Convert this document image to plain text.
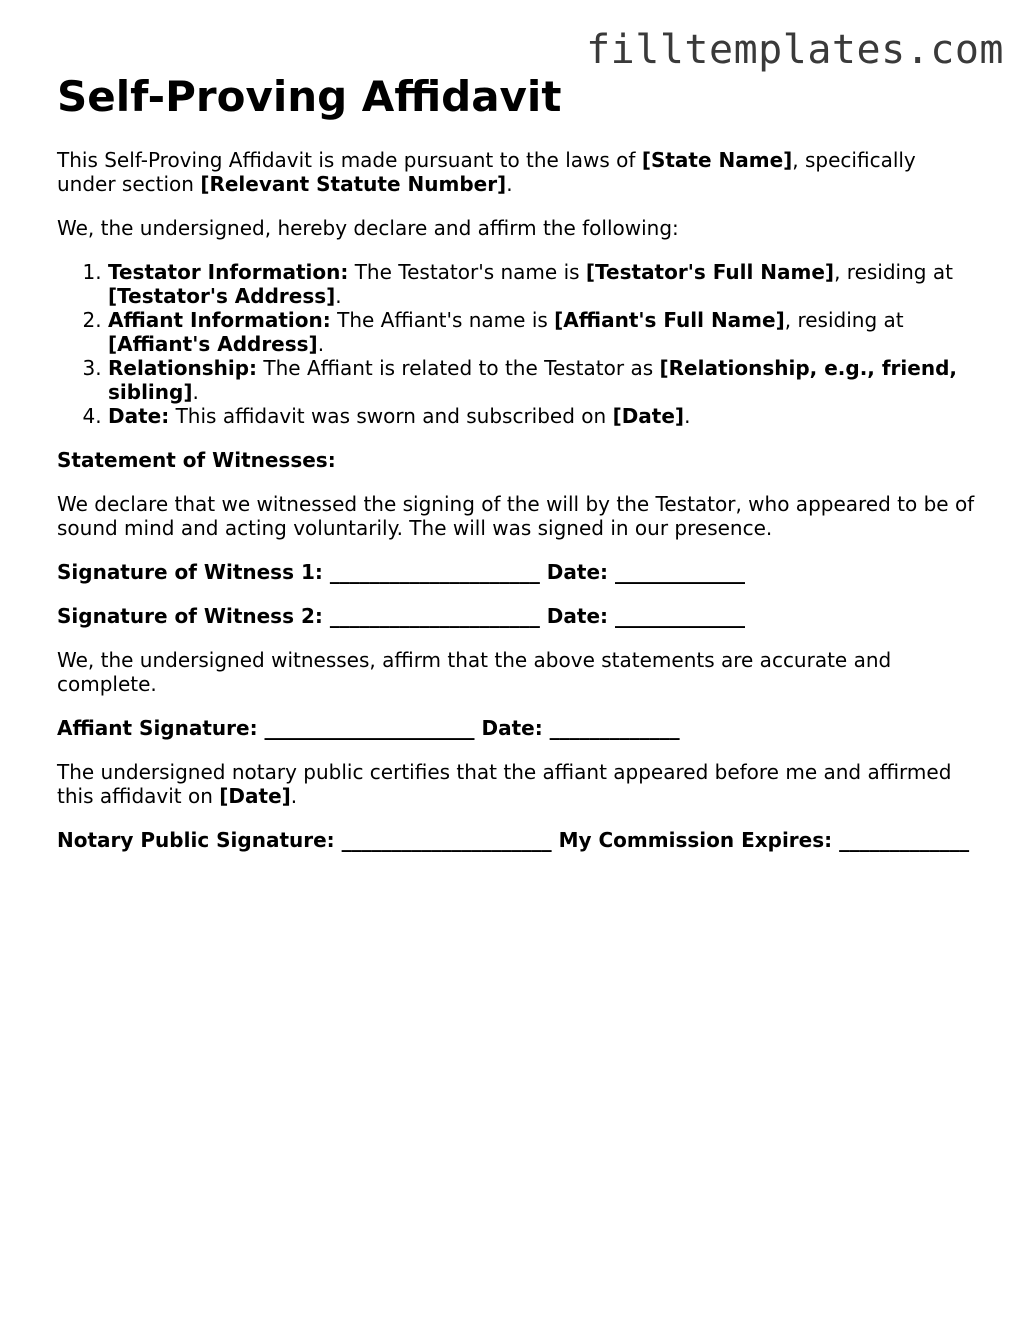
filltemplates.com
Self-Proving Affidavit

This Self-Proving Affidavit is made pursuant to the laws of [State Name], specifically under section [Relevant Statute Number].

We, the undersigned, hereby declare and affirm the following:

1. Testator Information: The Testator's name is [Testator's Full Name], residing at [Testator's Address].
2. Affiant Information: The Affiant's name is [Affiant's Full Name], residing at [Affiant's Address].
3. Relationship: The Affiant is related to the Testator as [Relationship, e.g., friend, sibling].
4. Date: This affidavit was sworn and subscribed on [Date].

Statement of Witnesses:

We declare that we witnessed the signing of the will by the Testator, who appeared to be of sound mind and acting voluntarily. The will was signed in our presence.

Signature of Witness 1: _____________________ Date: _____________

Signature of Witness 2: _____________________ Date: _____________

We, the undersigned witnesses, affirm that the above statements are accurate and complete.

Affiant Signature: _____________________ Date: _____________

The undersigned notary public certifies that the affiant appeared before me and affirmed this affidavit on [Date].

Notary Public Signature: _____________________ My Commission Expires: _____________
